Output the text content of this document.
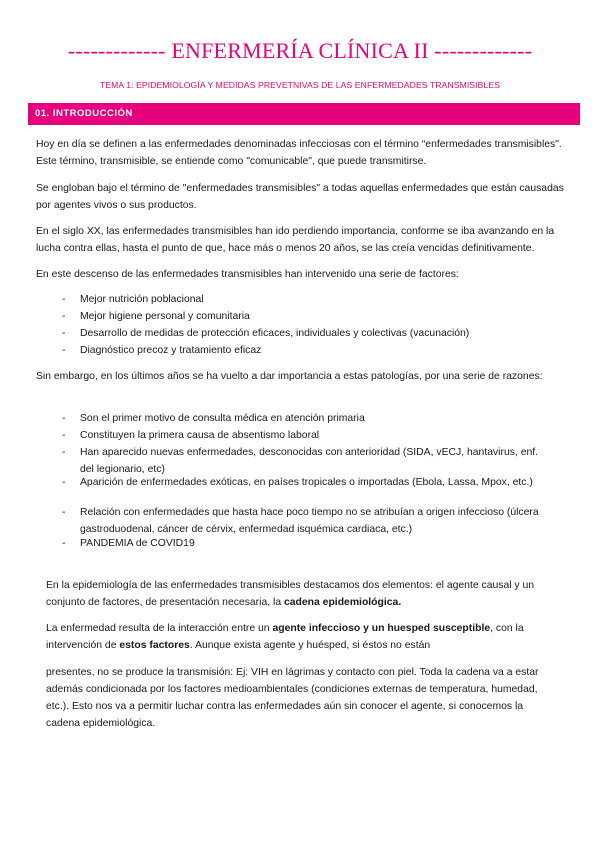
------------- ENFERMERÍA CLÍNICA II -------------
TEMA 1: EPIDEMIOLOGÍA Y MEDIDAS PREVETNIVAS DE LAS ENFERMEDADES TRANSMISIBLES
01. INTRODUCCIÓN

Hoy en día se definen a las enfermedades denominadas infecciosas con el término “enfermedades transmisibles". Este término, transmisible, se entiende como "comunicable", que puede transmitirse.

Se engloban bajo el término de "enfermedades transmisibles" a todas aquellas enfermedades que están causadas por agentes vivos o sus productos.

En el siglo XX, las enfermedades transmisibles han ido perdiendo importancia, conforme se iba avanzando en la lucha contra ellas, hasta el punto de que, hace más o menos 20 años, se las creía vencidas definitivamente.

En este descenso de las enfermedades transmisibles han intervenido una serie de factores:

- Mejor nutrición poblacional
- Mejor higiene personal y comunitaria
- Desarrollo de medidas de protección eficaces, individuales y colectivas (vacunación)
- Diagnóstico precoz y tratamiento eficaz

Sin embargo, en los últimos años se ha vuelto a dar importancia a estas patologías, por una serie de razones:

- Son el primer motivo de consulta médica en atención primaria
- Constituyen la primera causa de absentismo laboral
- Han aparecido nuevas enfermedades, desconocidas con anterioridad (SIDA, vECJ, hantavirus, enf. del legionario, etc)
- Aparición de enfermedades exóticas, en países tropicales o importadas (Ebola, Lassa, Mpox, etc.)
- Relación con enfermedades que hasta hace poco tiempo no se atribuían a origen infeccioso (úlcera gastroduodenal, cáncer de cérvix, enfermedad isquémica cardiaca, etc.)
- PANDEMIA de COVID19

En la epidemiología de las enfermedades transmisibles destacamos dos elementos: el agente causal y un conjunto de factores, de presentación necesaria, la cadena epidemiológica.

La enfermedad resulta de la interacción entre un agente infeccioso y un huesped susceptible, con la intervención de estos factores. Aunque exista agente y huésped, si éstos no están

presentes, no se produce la transmisión: Ej: VIH en lágrimas y contacto con piel. Toda la cadena va a estar además condicionada por los factores medioambientales (condiciones externas de temperatura, humedad, etc.). Esto nos va a permitir luchar contra las enfermedades aún sin conocer el agente, si conocemos la cadena epidemiológica.
